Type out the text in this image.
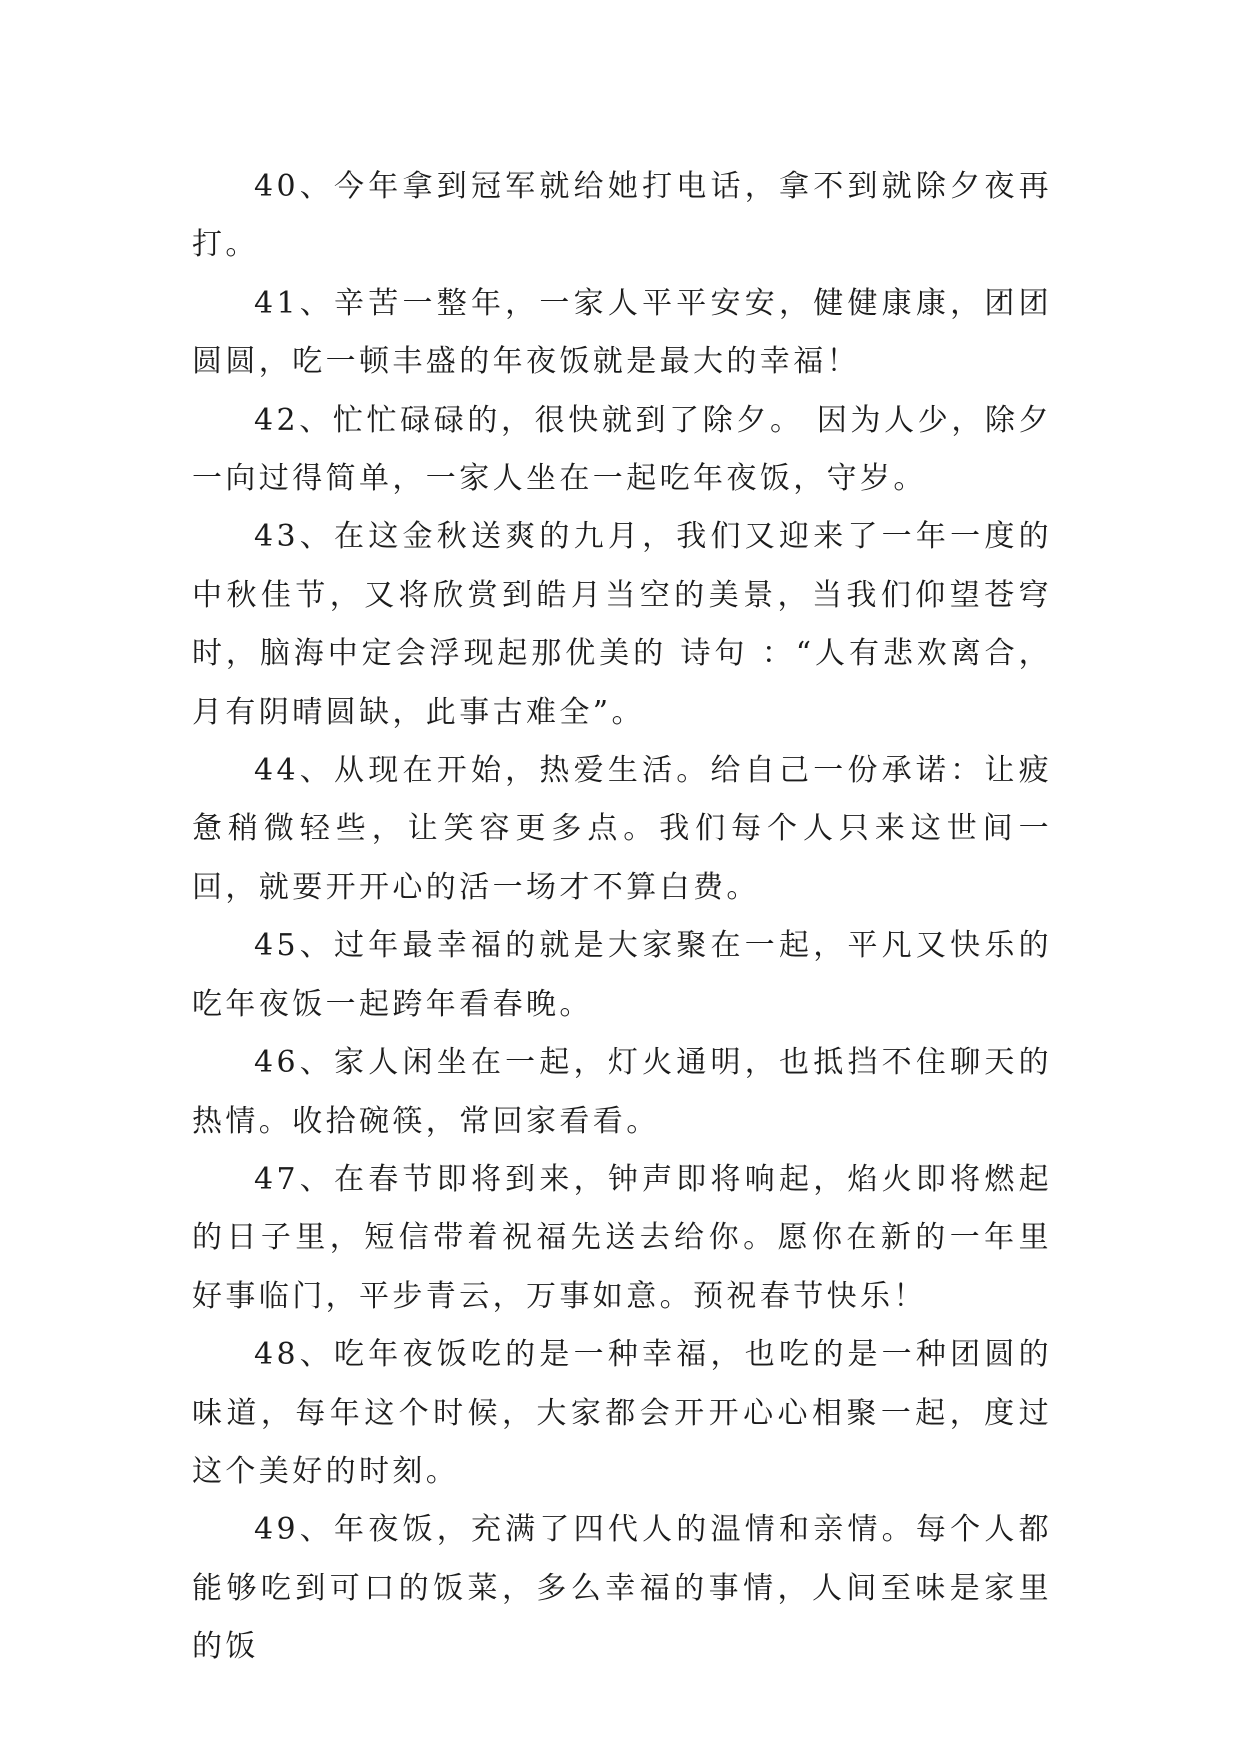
40、今年拿到冠军就给她打电话，拿不到就除夕夜再打。

41、辛苦一整年，一家人平平安安，健健康康，团团圆圆，吃一顿丰盛的年夜饭就是最大的幸福！

42、忙忙碌碌的，很快就到了除夕。 因为人少，除夕一向过得简单，一家人坐在一起吃年夜饭，守岁。

43、在这金秋送爽的九月，我们又迎来了一年一度的中秋佳节，又将欣赏到皓月当空的美景，当我们仰望苍穹时，脑海中定会浮现起那优美的 诗句 ：“人有悲欢离合，月有阴晴圆缺，此事古难全”。

44、从现在开始，热爱生活。给自己一份承诺：让疲惫稍微轻些，让笑容更多点。我们每个人只来这世间一回，就要开开心的活一场才不算白费。

45、过年最幸福的就是大家聚在一起，平凡又快乐的吃年夜饭一起跨年看春晚。

46、家人闲坐在一起，灯火通明，也抵挡不住聊天的热情。收拾碗筷，常回家看看。

47、在春节即将到来，钟声即将响起，焰火即将燃起的日子里，短信带着祝福先送去给你。愿你在新的一年里好事临门，平步青云，万事如意。预祝春节快乐！

48、吃年夜饭吃的是一种幸福，也吃的是一种团圆的味道，每年这个时候，大家都会开开心心相聚一起，度过这个美好的时刻。

49、年夜饭，充满了四代人的温情和亲情。每个人都能够吃到可口的饭菜，多么幸福的事情，人间至味是家里的饭
